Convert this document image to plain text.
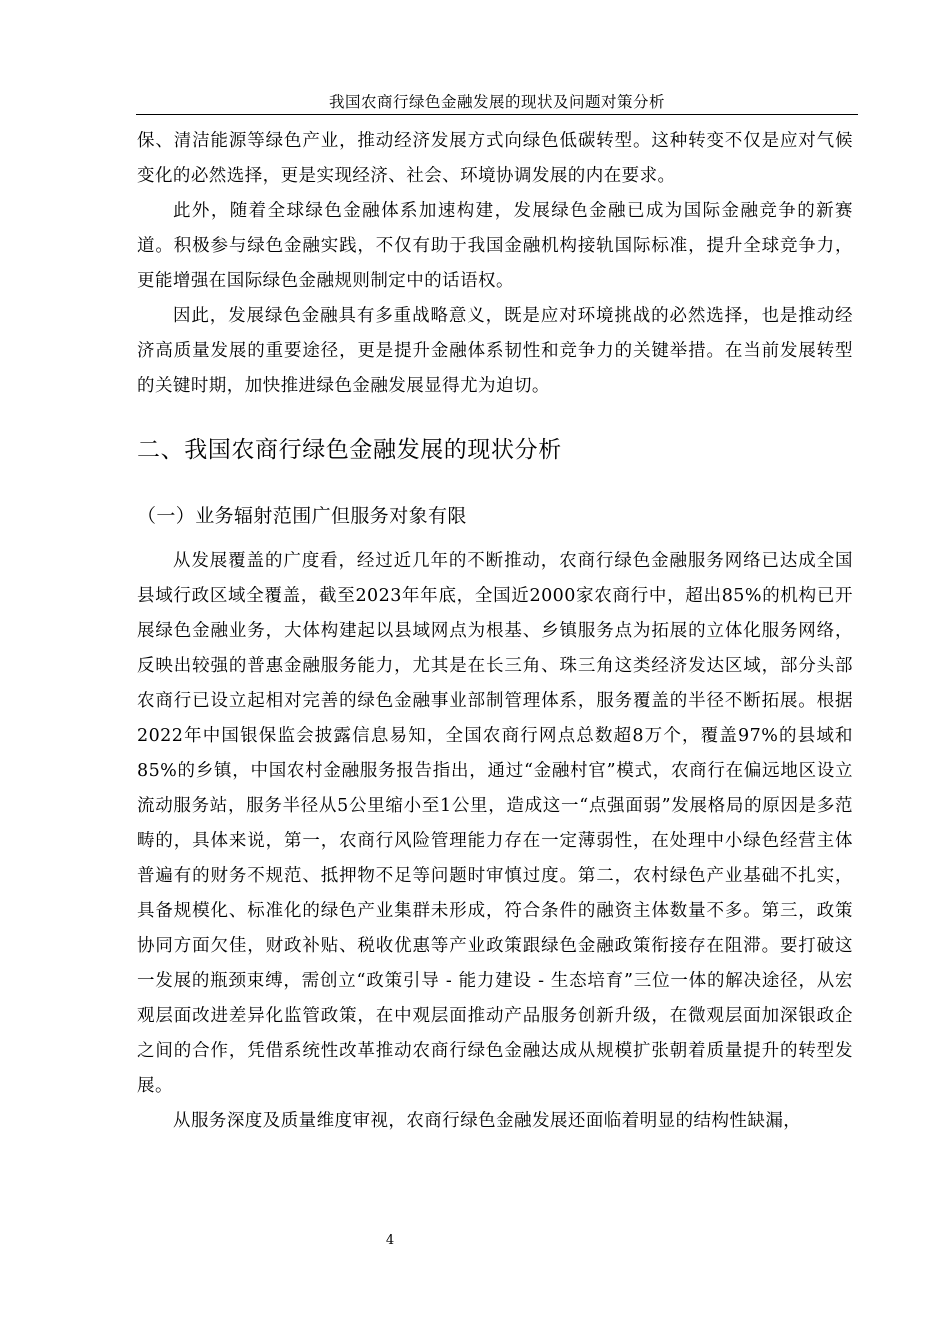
我国农商行绿色金融发展的现状及问题对策分析

保、清洁能源等绿色产业，推动经济发展方式向绿色低碳转型。这种转变不仅是应对气候变化的必然选择，更是实现经济、社会、环境协调发展的内在要求。

此外，随着全球绿色金融体系加速构建，发展绿色金融已成为国际金融竞争的新赛道。积极参与绿色金融实践，不仅有助于我国金融机构接轨国际标准，提升全球竞争力，更能增强在国际绿色金融规则制定中的话语权。

因此，发展绿色金融具有多重战略意义，既是应对环境挑战的必然选择，也是推动经济高质量发展的重要途径，更是提升金融体系韧性和竞争力的关键举措。在当前发展转型的关键时期，加快推进绿色金融发展显得尤为迫切。

二、我国农商行绿色金融发展的现状分析
（一）业务辐射范围广但服务对象有限

从发展覆盖的广度看，经过近几年的不断推动，农商行绿色金融服务网络已达成全国县域行政区域全覆盖，截至2023年年底，全国近2000家农商行中，超出85%的机构已开展绿色金融业务，大体构建起以县域网点为根基、乡镇服务点为拓展的立体化服务网络，反映出较强的普惠金融服务能力，尤其是在长三角、珠三角这类经济发达区域，部分头部农商行已设立起相对完善的绿色金融事业部制管理体系，服务覆盖的半径不断拓展。根据2022年中国银保监会披露信息易知，全国农商行网点总数超8万个，覆盖97%的县域和85%的乡镇，中国农村金融服务报告指出，通过“金融村官”模式，农商行在偏远地区设立流动服务站，服务半径从5公里缩小至1公里，造成这一“点强面弱”发展格局的原因是多范畴的，具体来说，第一，农商行风险管理能力存在一定薄弱性，在处理中小绿色经营主体普遍有的财务不规范、抵押物不足等问题时审慎过度。第二，农村绿色产业基础不扎实，具备规模化、标准化的绿色产业集群未形成，符合条件的融资主体数量不多。第三，政策协同方面欠佳，财政补贴、税收优惠等产业政策跟绿色金融政策衔接存在阻滞。要打破这一发展的瓶颈束缚，需创立“政策引导 - 能力建设 - 生态培育”三位一体的解决途径，从宏观层面改进差异化监管政策，在中观层面推动产品服务创新升级，在微观层面加深银政企之间的合作，凭借系统性改革推动农商行绿色金融达成从规模扩张朝着质量提升的转型发展。

从服务深度及质量维度审视，农商行绿色金融发展还面临着明显的结构性缺漏，

4
